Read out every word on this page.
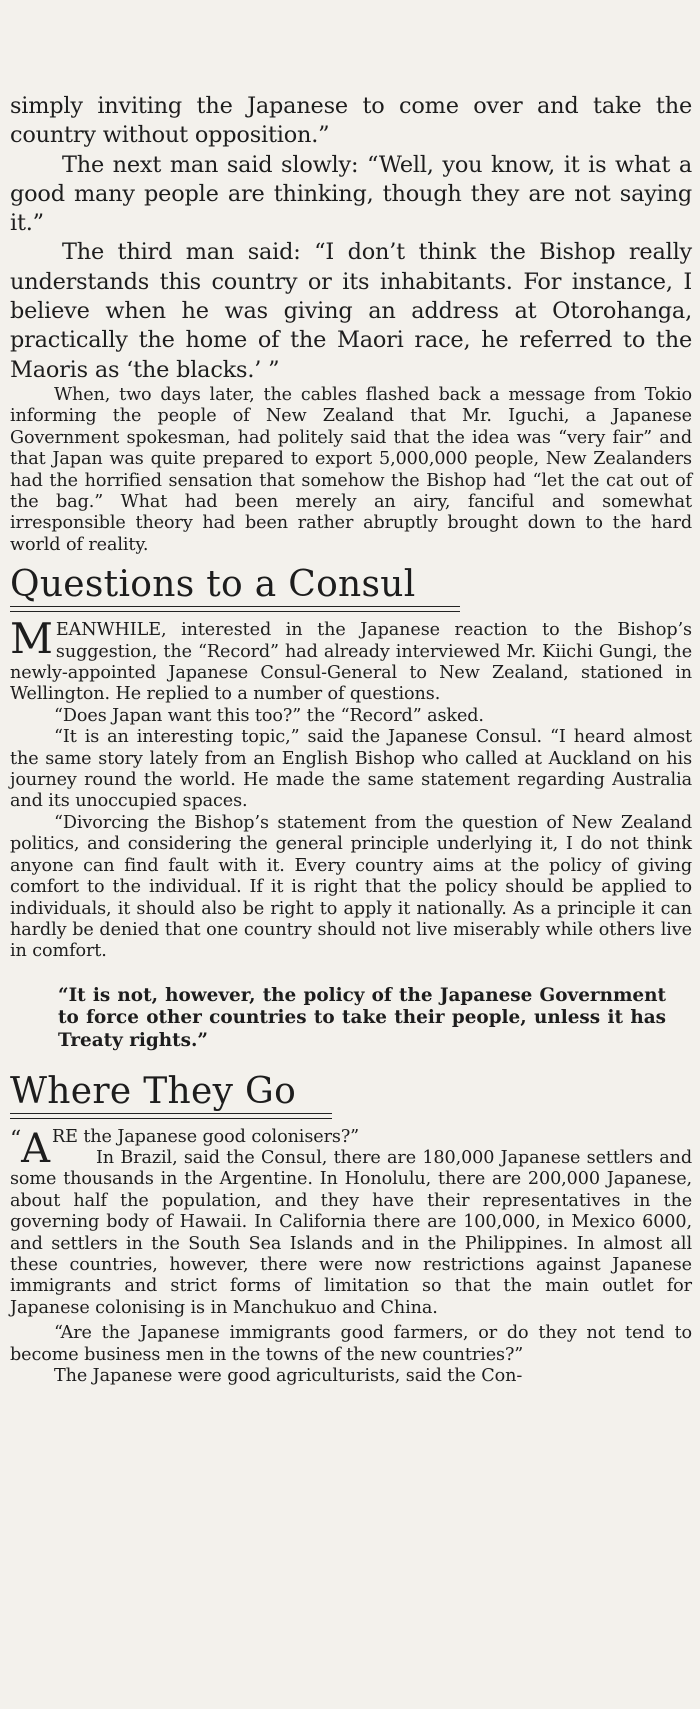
simply inviting the Japanese to come over and take the country without opposition.”

The next man said slowly: “Well, you know, it is what a good many people are thinking, though they are not saying it.”

The third man said: “I don’t think the Bishop really understands this country or its inhabitants. For instance, I believe when he was giving an address at Otorohanga, practically the home of the Maori race, he referred to the Maoris as ‘the blacks.’ ”

When, two days later, the cables flashed back a message from Tokio informing the people of New Zealand that Mr. Iguchi, a Japanese Government spokesman, had politely said that the idea was “very fair” and that Japan was quite prepared to export 5,000,000 people, New Zealanders had the horrified sensation that somehow the Bishop had “let the cat out of the bag.” What had been merely an airy, fanciful and somewhat irresponsible theory had been rather abruptly brought down to the hard world of reality.

Questions to a Consul

MEANWHILE, interested in the Japanese reaction to the Bishop’s suggestion, the “Record” had already interviewed Mr. Kiichi Gungi, the newly-appointed Japanese Consul-General to New Zealand, stationed in Wellington. He replied to a number of questions.

“Does Japan want this too?” the “Record” asked.

“It is an interesting topic,” said the Japanese Consul. “I heard almost the same story lately from an English Bishop who called at Auckland on his journey round the world. He made the same statement regarding Australia and its unoccupied spaces.

“Divorcing the Bishop’s statement from the question of New Zealand politics, and considering the general principle underlying it, I do not think anyone can find fault with it. Every country aims at the policy of giving comfort to the individual. If it is right that the policy should be applied to individuals, it should also be right to apply it nationally. As a principle it can hardly be denied that one country should not live miserably while others live in comfort.

“It is not, however, the policy of the Japanese Government to force other countries to take their people, unless it has Treaty rights.”

Where They Go

“ A RE the Japanese good colonisers?”

In Brazil, said the Consul, there are 180,000 Japanese settlers and some thousands in the Argentine. In Honolulu, there are 200,000 Japanese, about half the population, and they have their representatives in the governing body of Hawaii. In California there are 100,000, in Mexico 6000, and settlers in the South Sea Islands and in the Philippines. In almost all these countries, however, there were now restrictions against Japanese immigrants and strict forms of limitation so that the main outlet for Japanese colonising is in Manchukuo and China.

“Are the Japanese immigrants good farmers, or do they not tend to become business men in the towns of the new countries?”

The Japanese were good agriculturists, said the Con-
